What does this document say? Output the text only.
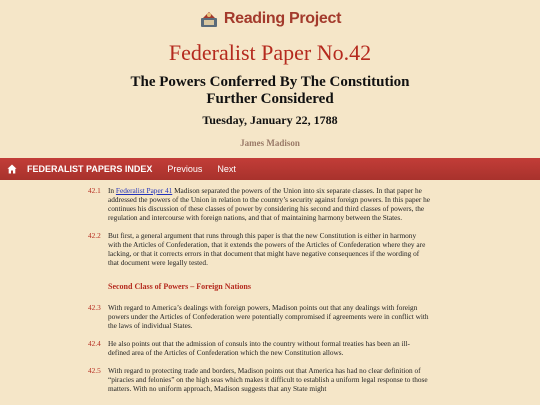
Reading Project
Federalist Paper No.42
The Powers Conferred By The Constitution Further Considered
Tuesday, January 22, 1788
James Madison
FEDERALIST PAPERS INDEX Previous Next
42.1 In Federalist Paper 41 Madison separated the powers of the Union into six separate classes. In that paper he addressed the powers of the Union in relation to the country’s security against foreign powers. In this paper he continues his discussion of these classes of power by considering his second and third classes of powers, the regulation and intercourse with foreign nations, and that of maintaining harmony between the States.
42.2 But first, a general argument that runs through this paper is that the new Constitution is either in harmony with the Articles of Confederation, that it extends the powers of the Articles of Confederation where they are lacking, or that it corrects errors in that document that might have negative consequences if the wording of that document were legally tested.
Second Class of Powers – Foreign Nations
42.3 With regard to America’s dealings with foreign powers, Madison points out that any dealings with foreign powers under the Articles of Confederation were potentially compromised if agreements were in conflict with the laws of individual States.
42.4 He also points out that the admission of consuls into the country without formal treaties has been an ill-defined area of the Articles of Confederation which the new Constitution allows.
42.5 With regard to protecting trade and borders, Madison points out that America has had no clear definition of “piracies and felonies” on the high seas which makes it difficult to establish a uniform legal response to those matters. With no uniform approach, Madison suggests that any State might
